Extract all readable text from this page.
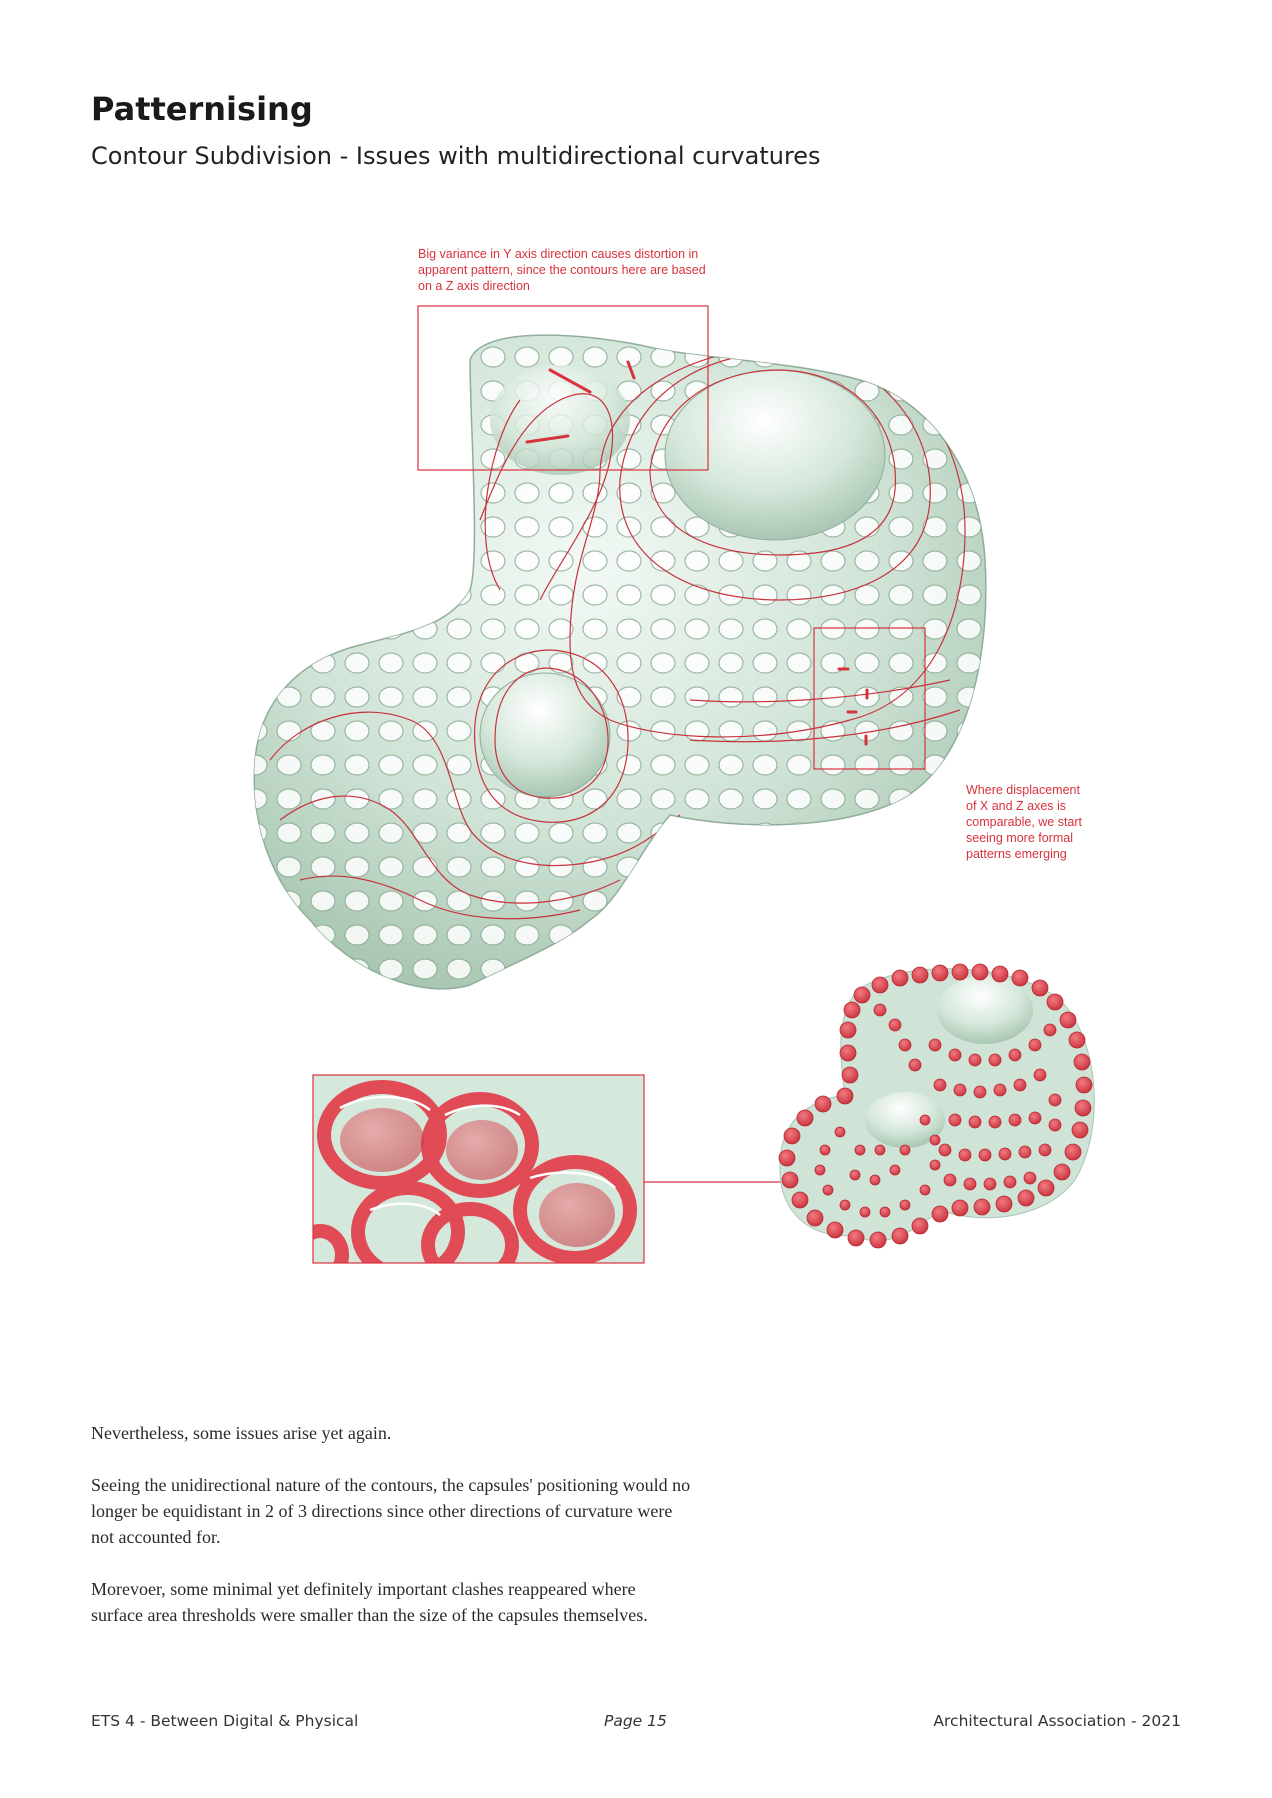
Patternising
Contour Subdivision - Issues with multidirectional curvatures

Big variance in Y axis direction causes distortion in apparent pattern, since the contours here are based on a Z axis direction

Where displacement of X and Z axes is comparable, we start seeing more formal patterns emerging

Nevertheless, some issues arise yet again.

Seeing the unidirectional nature of the contours, the capsules' positioning would no longer be equidistant in 2 of 3 directions since other directions of curvature were not accounted for.

Morevoer, some minimal yet definitely important clashes reappeared where surface area thresholds were smaller than the size of the capsules themselves.

ETS 4 - Between Digital & Physical	Page 15	Architectural Association - 2021
